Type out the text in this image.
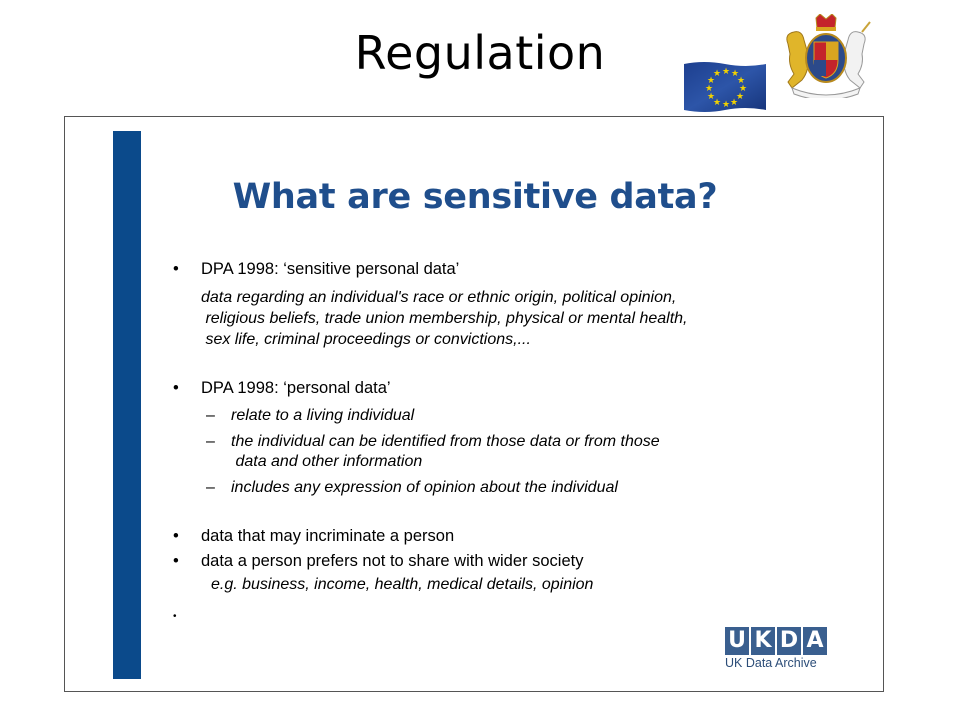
Regulation	★ ★
★
★
★
★
★
★
★
★
★
★
What are sensitive data?
• DPA 1998: ‘sensitive personal data’
data regarding an individual's race or ethnic origin, political opinion,
religious beliefs, trade union membership, physical or mental health,
sex life, criminal proceedings or convictions,...
• DPA 1998: ‘personal data’
– relate to a living individual
– the individual can be identified from those data or from those
data and other information
– includes any expression of opinion about the individual
• data that may incriminate a person
• data a person prefers not to share with wider society
e.g. business, income, health, medical details, opinion
•
U K D A
UK Data Archive
